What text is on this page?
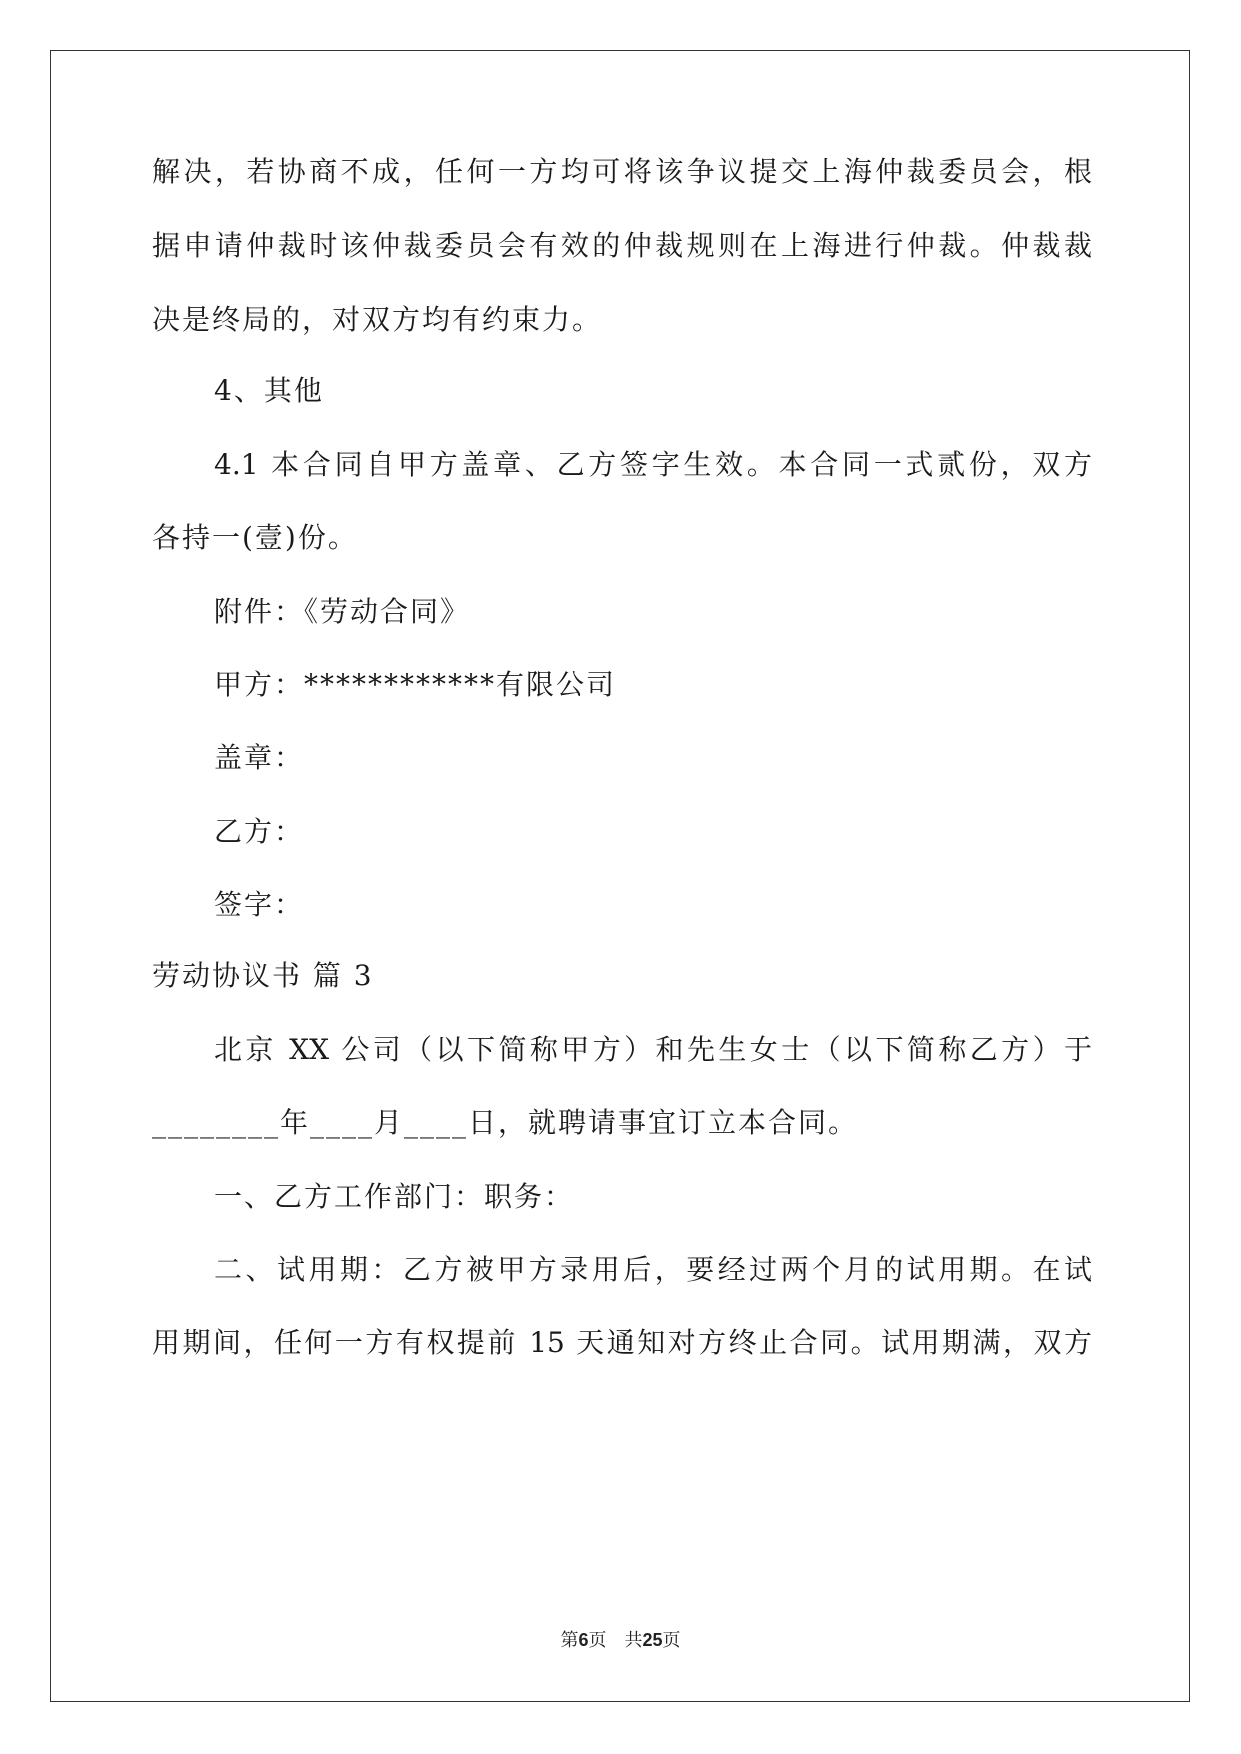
解决，若协商不成，任何一方均可将该争议提交上海仲裁委员会，根
据申请仲裁时该仲裁委员会有效的仲裁规则在上海进行仲裁。仲裁裁
决是终局的，对双方均有约束力。
4、其他
4.1 本合同自甲方盖章、乙方签字生效。本合同一式贰份，双方
各持一(壹)份。
附件：《劳动合同》
甲方：************有限公司
盖章：
乙方：
签字：
劳动协议书 篇 3
北京 XX 公司（以下简称甲方）和先生女士（以下简称乙方）于
________年____月____日，就聘请事宜订立本合同。
一、乙方工作部门：职务：
二、试用期：乙方被甲方录用后，要经过两个月的试用期。在试
用期间，任何一方有权提前 15 天通知对方终止合同。试用期满，双方
第6页　共25页
